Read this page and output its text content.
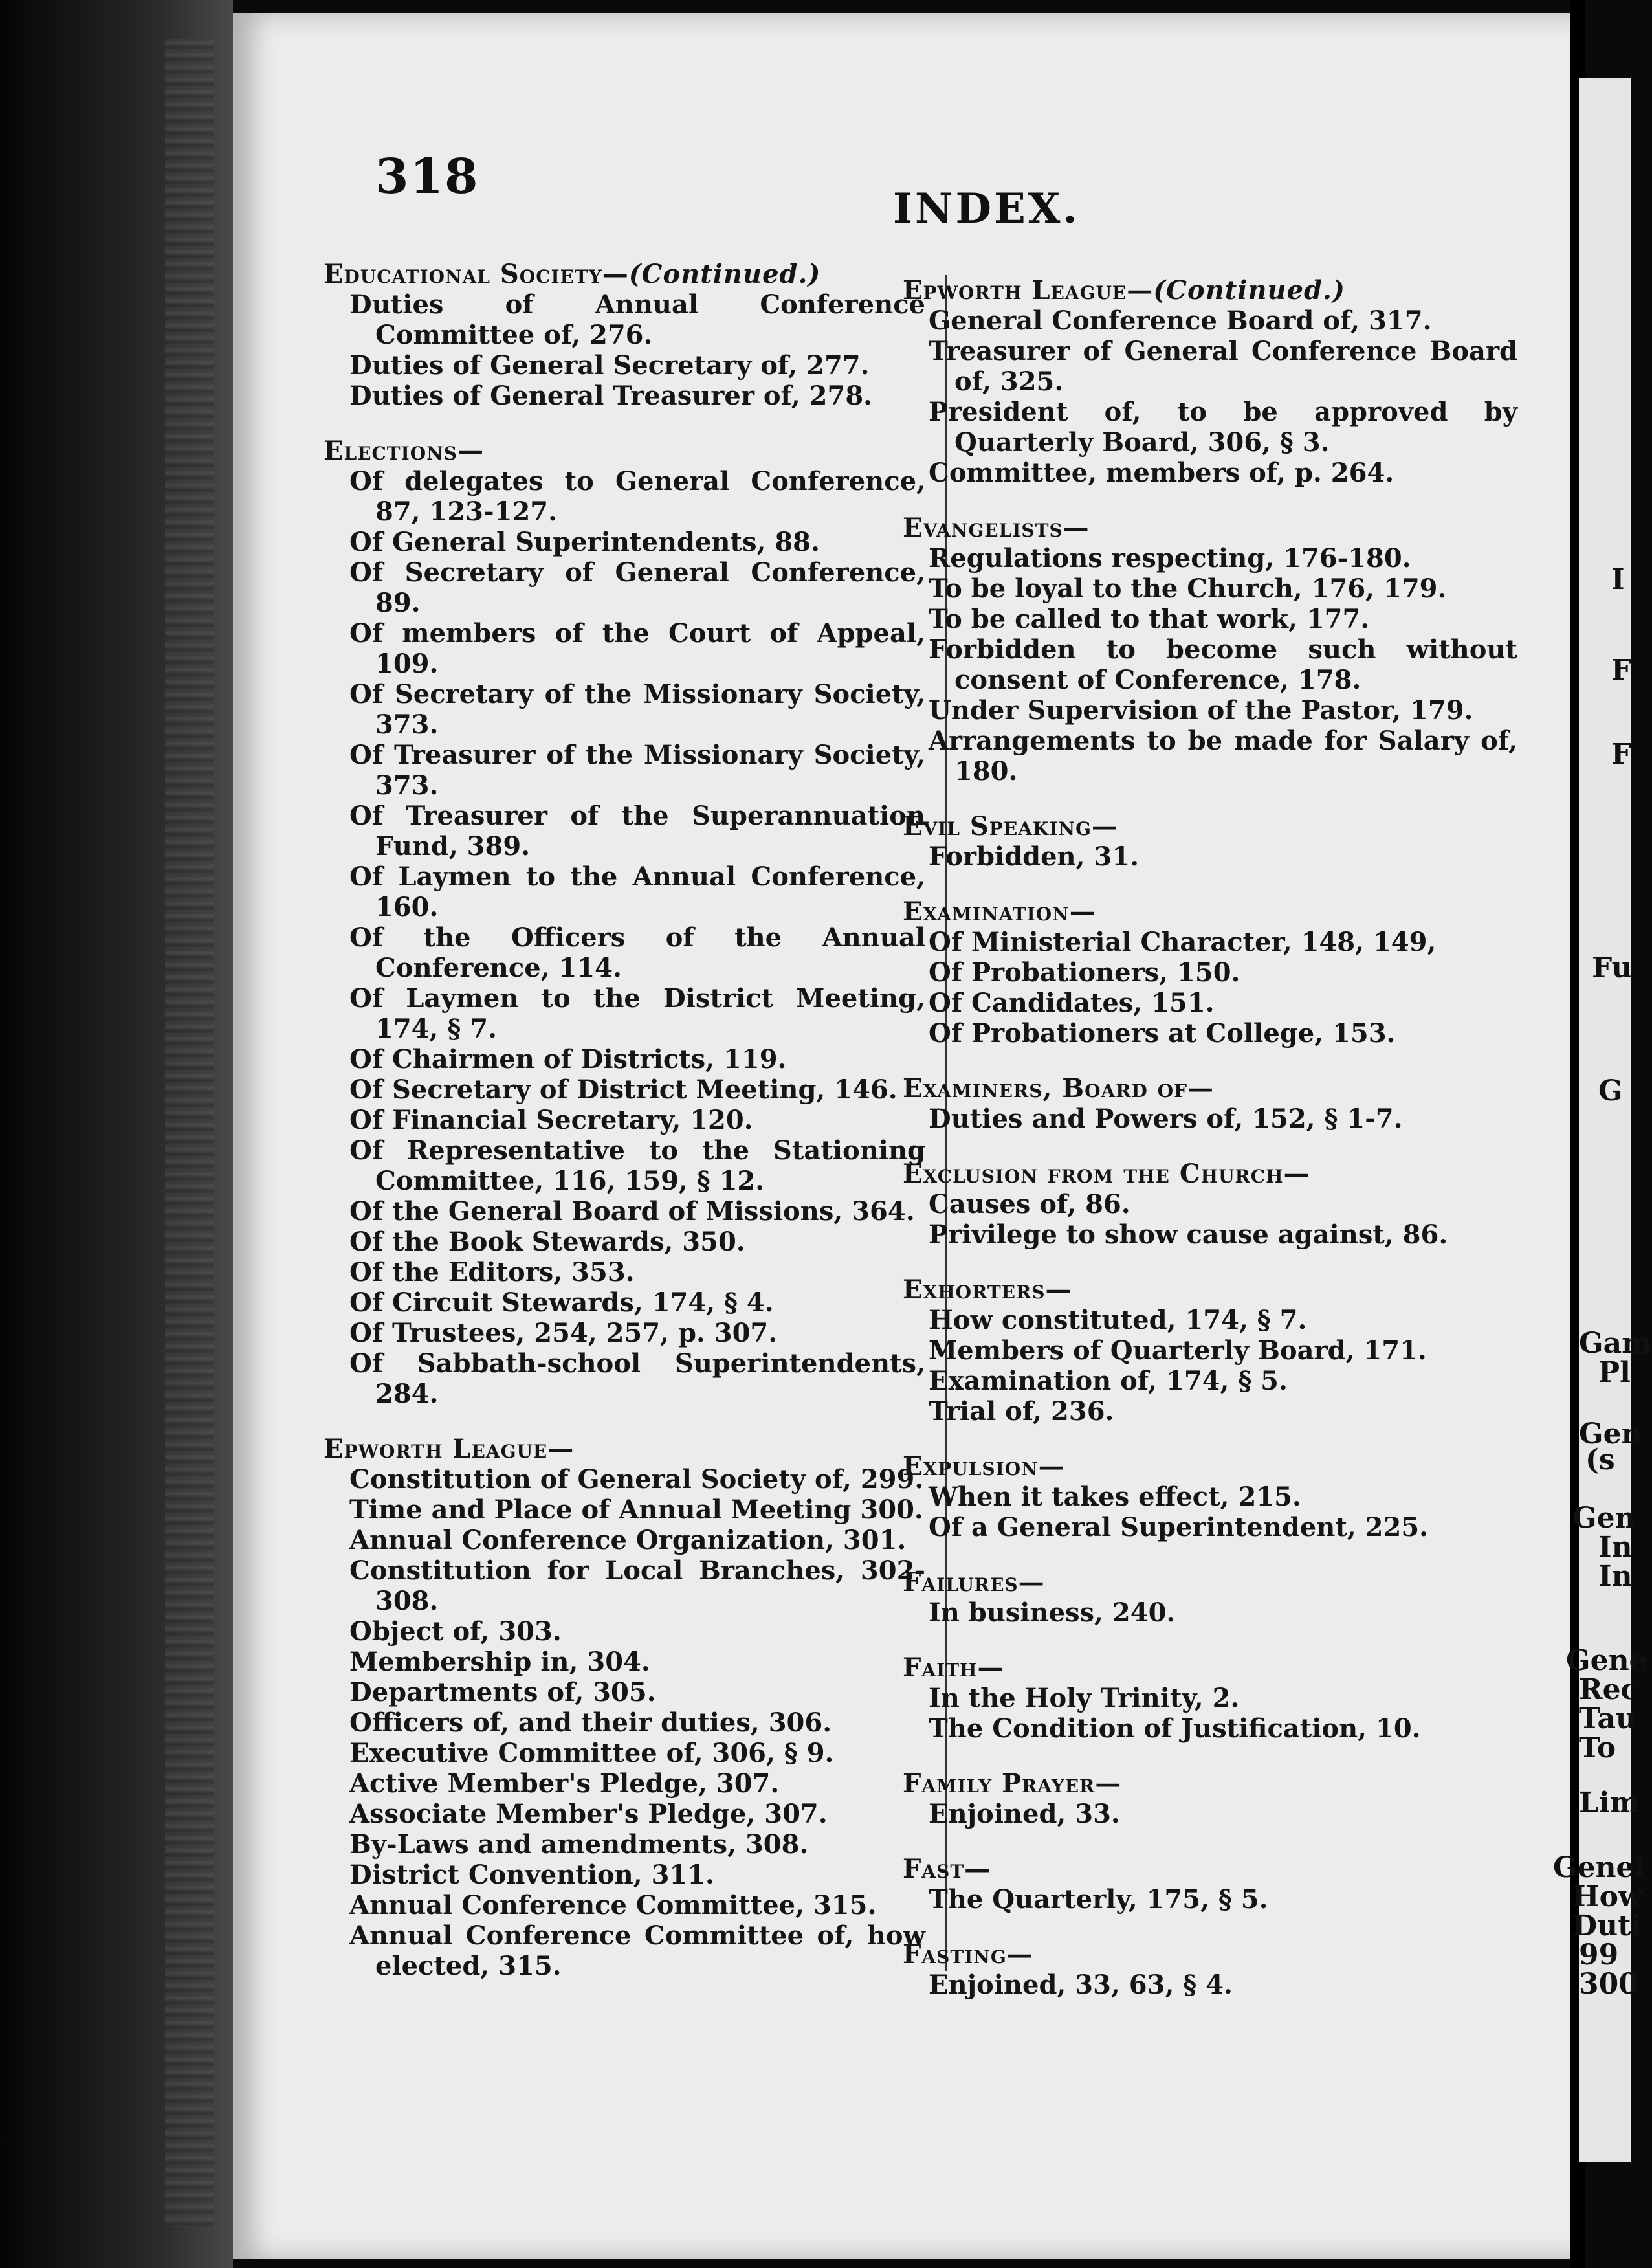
318
INDEX.
Educational Society—(Continued.)
Duties of Annual Conference Committee of, 276.
Duties of General Secretary of, 277.
Duties of General Treasurer of, 278.
Elections—
Of delegates to General Conference, 87, 123-127.
Of General Superintendents, 88.
Of Secretary of General Conference, 89.
Of members of the Court of Appeal, 109.
Of Secretary of the Missionary Society, 373.
Of Treasurer of the Missionary Society, 373.
Of Treasurer of the Superannuation Fund, 389.
Of Laymen to the Annual Conference, 160.
Of the Officers of the Annual Conference, 114.
Of Laymen to the District Meeting, 174, § 7.
Of Chairmen of Districts, 119.
Of Secretary of District Meeting, 146.
Of Financial Secretary, 120.
Of Representative to the Stationing Committee, 116, 159, § 12.
Of the General Board of Missions, 364.
Of the Book Stewards, 350.
Of the Editors, 353.
Of Circuit Stewards, 174, § 4.
Of Trustees, 254, 257, p. 307.
Of Sabbath-school Superintendents, 284.
Epworth League—
Constitution of General Society of, 299.
Time and Place of Annual Meeting 300.
Annual Conference Organization, 301.
Constitution for Local Branches, 302-308.
Object of, 303.
Membership in, 304.
Departments of, 305.
Officers of, and their duties, 306.
Executive Committee of, 306, § 9.
Active Member's Pledge, 307.
Associate Member's Pledge, 307.
By-Laws and amendments, 308.
District Convention, 311.
Annual Conference Committee, 315.
Annual Conference Committee of, how elected, 315.
Epworth League—(Continued.)
General Conference Board of, 317.
Treasurer of General Conference Board of, 325.
President of, to be approved by Quarterly Board, 306, § 3.
Committee, members of, p. 264.
Evangelists—
Regulations respecting, 176-180.
To be loyal to the Church, 176, 179.
To be called to that work, 177.
Forbidden to become such without consent of Conference, 178.
Under Supervision of the Pastor, 179.
Arrangements to be made for Salary of, 180.
Evil Speaking—
Forbidden, 31.
Examination—
Of Ministerial Character, 148, 149,
Of Probationers, 150.
Of Candidates, 151.
Of Probationers at College, 153.
Examiners, Board of—
Duties and Powers of, 152, § 1-7.
Exclusion from the Church—
Causes of, 86.
Privilege to show cause against, 86.
Exhorters—
How constituted, 174, § 7.
Members of Quarterly Board, 171.
Examination of, 174, § 5.
Trial of, 236.
Expulsion—
When it takes effect, 215.
Of a General Superintendent, 225.
Failures—
In business, 240.
Faith—
In the Holy Trinity, 2.
The Condition of Justification, 10.
Family Prayer—
Enjoined, 33.
Fast—
The Quarterly, 175, § 5.
Fasting—
Enjoined, 33, 63, § 4.
I
F
F
Fu
G
Gam
Pl
Gen
(s
Gen
In
In
Gene
Rec
Tau
To
Lim
Genei
How
Duti
99
300
